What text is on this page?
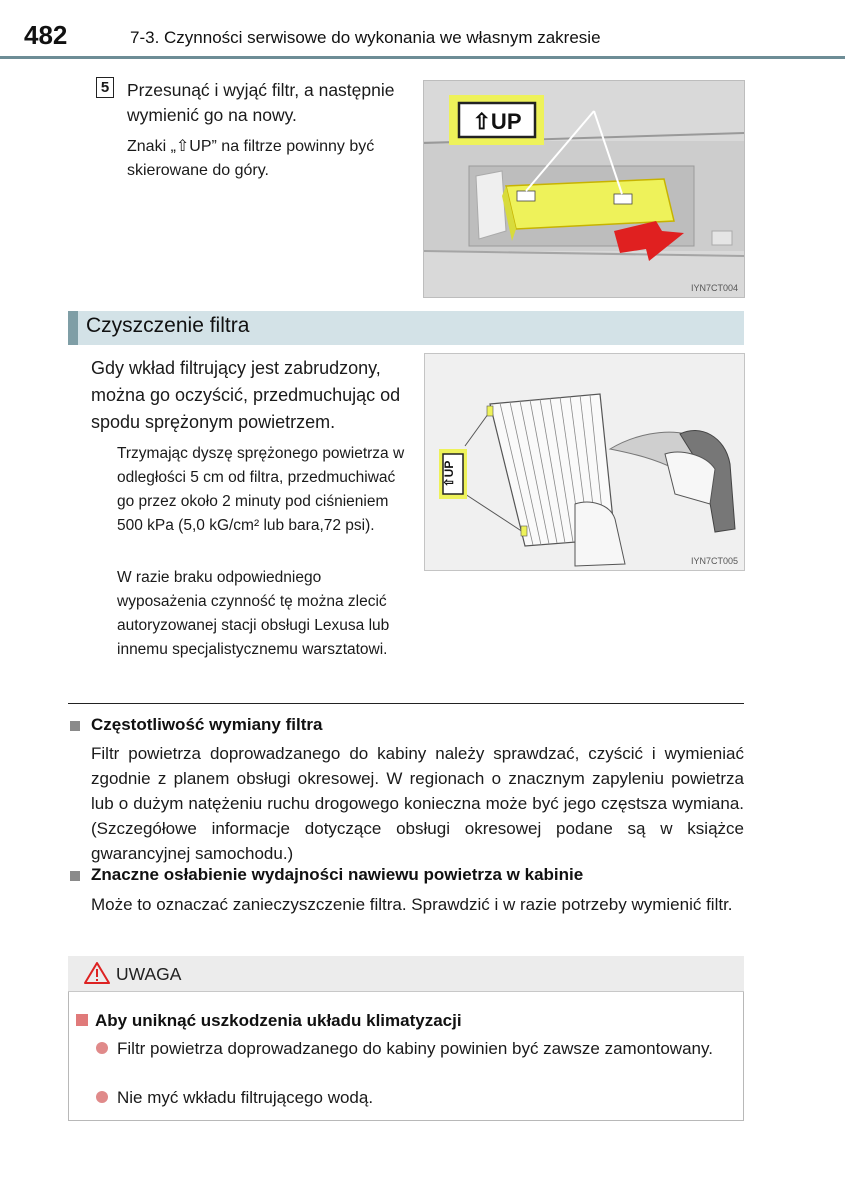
482	7-3. Czynności serwisowe do wykonania we własnym zakresie
5 Przesunąć i wyjąć filtr, a następnie wymienić go na nowy.
Znaki „⇧UP” na filtrze powinny być skierowane do góry.
⇧UP
IYN7CT004
Czyszczenie filtra
Gdy wkład filtrujący jest zabrudzony, można go oczyścić, przedmuchując od spodu sprężonym powietrzem.
Trzymając dyszę sprężonego powietrza w odległości 5 cm od filtra, przedmuchiwać go przez około 2 minuty pod ciśnieniem 500 kPa (5,0 kG/cm² lub bara,72 psi).
W razie braku odpowiedniego wyposażenia czynność tę można zlecić autoryzowanej stacji obsługi Lexusa lub innemu specjalistycznemu warsztatowi.
⇧UP
IYN7CT005
Częstotliwość wymiany filtra
Filtr powietrza doprowadzanego do kabiny należy sprawdzać, czyścić i wymieniać zgodnie z planem obsługi okresowej. W regionach o znacznym zapyleniu powietrza lub o dużym natężeniu ruchu drogowego konieczna może być jego częstsza wymiana. (Szczegółowe informacje dotyczące obsługi okresowej podane są w książce gwarancyjnej samochodu.)
Znaczne osłabienie wydajności nawiewu powietrza w kabinie
Może to oznaczać zanieczyszczenie filtra. Sprawdzić i w razie potrzeby wymienić filtr.
UWAGA
Aby uniknąć uszkodzenia układu klimatyzacji
Filtr powietrza doprowadzanego do kabiny powinien być zawsze zamontowany.
Nie myć wkładu filtrującego wodą.
